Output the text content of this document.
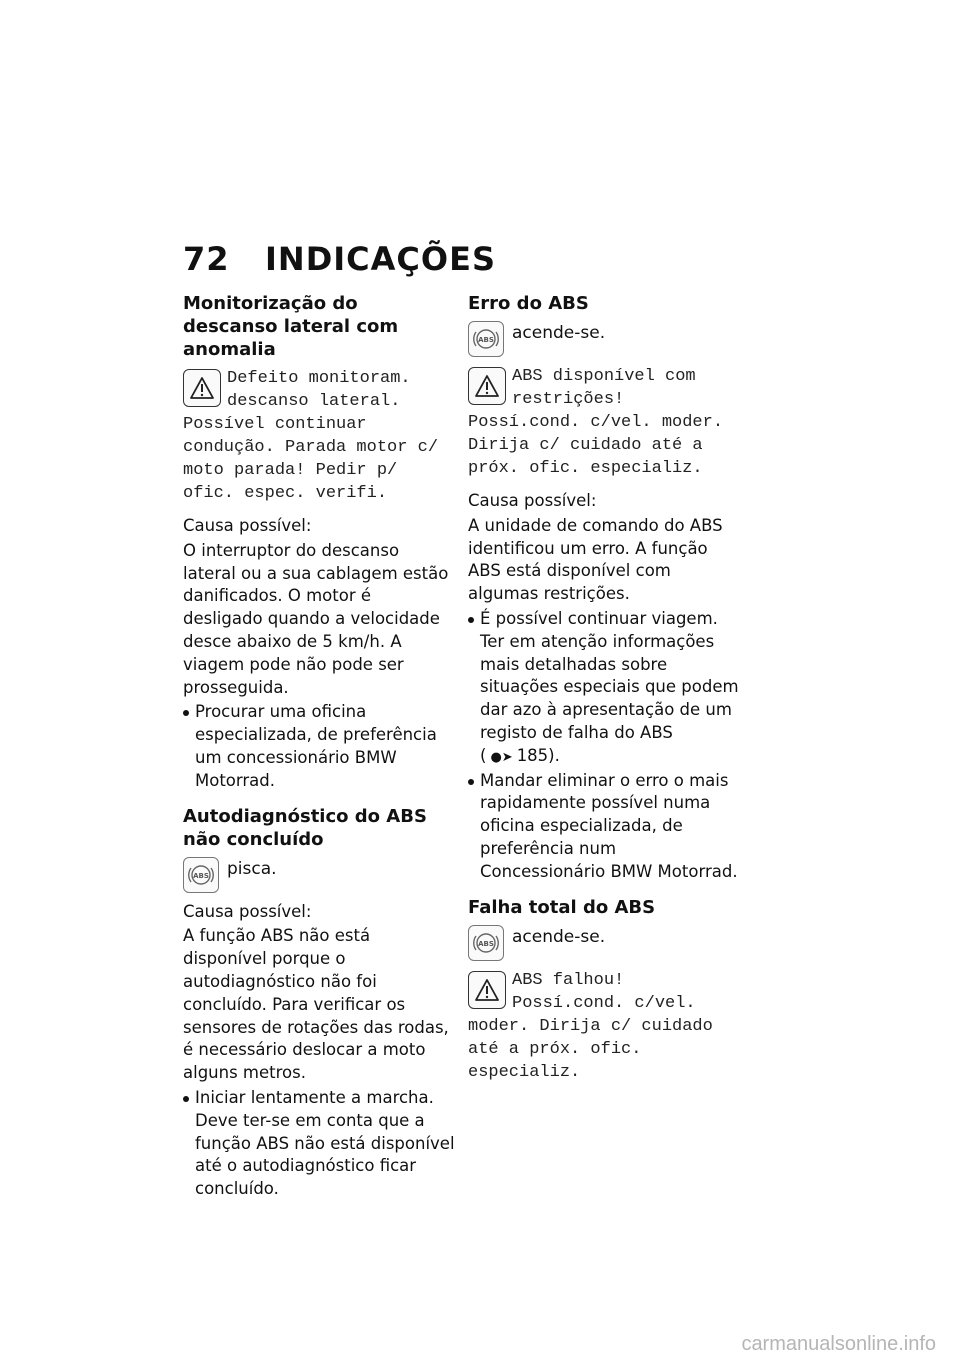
72 INDICAÇÕES
Monitorização do descanso lateral com anomalia
Defeito monitoram. descanso lateral. Possível continuar condução. Parada motor c/ moto parada! Pedir p/ ofic. espec. verifi.

Causa possível:

O interruptor do descanso lateral ou a sua cablagem estão danificados. O motor é desligado quando a velocidade desce abaixo de 5 km/h. A viagem pode não pode ser prosseguida.

Procurar uma oficina especializada, de preferência um concessionário BMW Motorrad.
Autodiagnóstico do ABS não concluído
ABS pisca.

Causa possível:

A função ABS não está disponível porque o autodiagnóstico não foi concluído. Para verificar os sensores de rotações das rodas, é necessário deslocar a moto alguns metros.

Iniciar lentamente a marcha. Deve ter-se em conta que a função ABS não está disponível até o autodiagnóstico ficar concluído.
Erro do ABS
ABS acende-se.
ABS disponível com restrições! Possí.cond. c/vel. moder. Dirija c/ cuidado até a próx. ofic. especializ.

Causa possível:

A unidade de comando do ABS identificou um erro. A função ABS está disponível com algumas restrições.

É possível continuar viagem. Ter em atenção informações mais detalhadas sobre situações especiais que podem dar azo à apresentação de um registo de falha do ABS ( ●➤ 185).
Mandar eliminar o erro o mais rapidamente possível numa oficina especializada, de preferência num Concessionário BMW Motorrad.
Falha total do ABS
ABS acende-se.
ABS falhou! Possí.cond. c/vel. moder. Dirija c/ cuidado até a próx. ofic. especializ.
carmanualsonline.info
